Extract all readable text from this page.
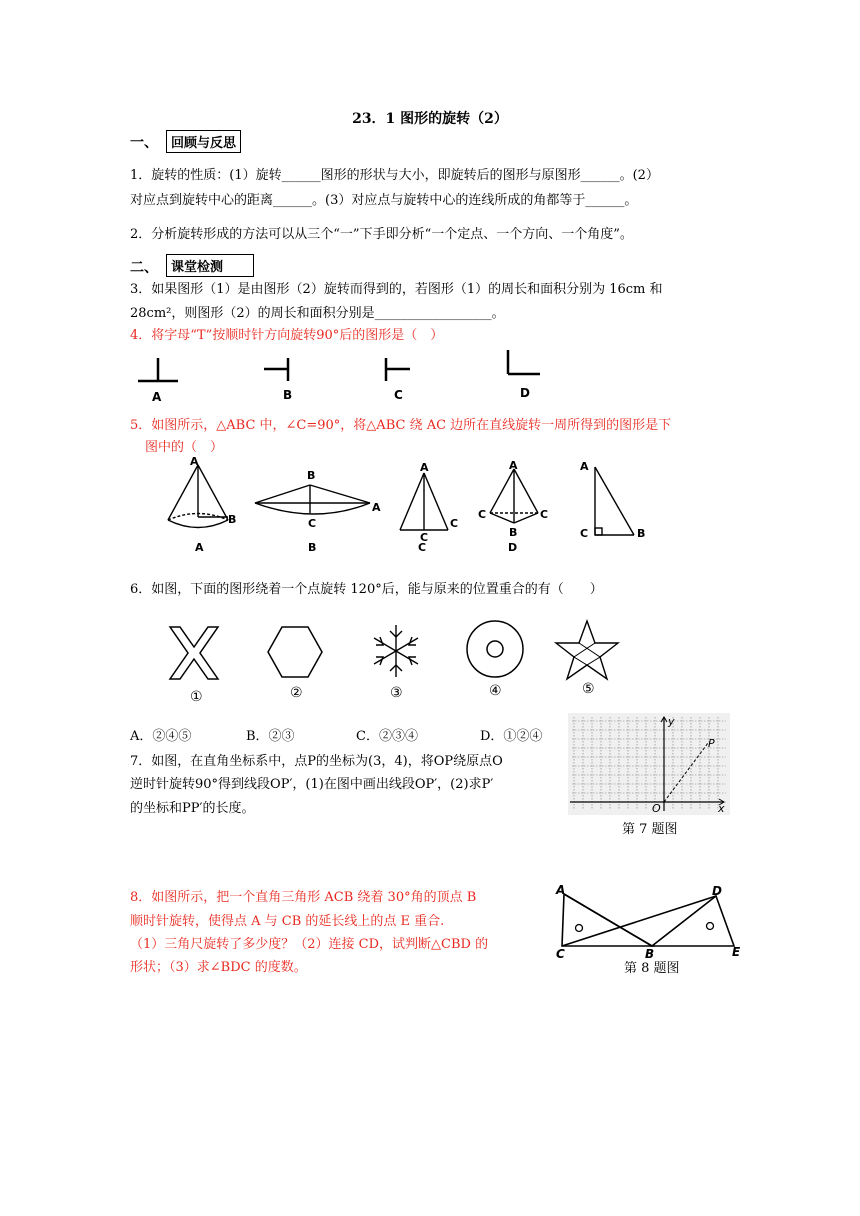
23．1 图形的旋转（2）
一、	回顾与反思
1．旋转的性质：(1）旋转______图形的形状与大小，即旋转后的图形与原图形______。(2）
对应点到旋转中心的距离______。(3）对应点与旋转中心的连线所成的角都等于______。
2．分析旋转形成的方法可以从三个“一”下手即分析“一个定点、一个方向、一个角度”。
二、	课堂检测
3．如果图形（1）是由图形（2）旋转而得到的，若图形（1）的周长和面积分别为 16cm 和
28cm²，则图形（2）的周长和面积分别是__________________。
4．将字母“T”按顺时针方向旋转90°后的图形是（　）
A	B	C	D
5．如图所示，△ABC 中，∠C=90°，将△ABC 绕 AC 边所在直线旋转一周所得到的图形是下
图中的（　）
A
B
A
B
A
C
B
A
C
C
C
A
C	C
B
D
A
C	B
6．如图，下面的图形绕着一个点旋转 120°后，能与原来的位置重合的有（　　）
①	②	③	④	⑤
A．②④⑤	B．②③	C．②③④	D．①②④
7．如图，在直角坐标系中，点P的坐标为(3，4)，将OP绕原点O
逆时针旋转90°得到线段OP′，(1)在图中画出线段OP′，(2)求P′
的坐标和PP′的长度。
y
x
O
P
第 7 题图
8．如图所示，把一个直角三角形 ACB 绕着 30°角的顶点 B
顺时针旋转，使得点 A 与 CB 的延长线上的点 E 重合.
（1）三角尺旋转了多少度？（2）连接 CD，试判断△CBD 的
形状；（3）求∠BDC 的度数。
A
C	B
D
E
第 8 题图
